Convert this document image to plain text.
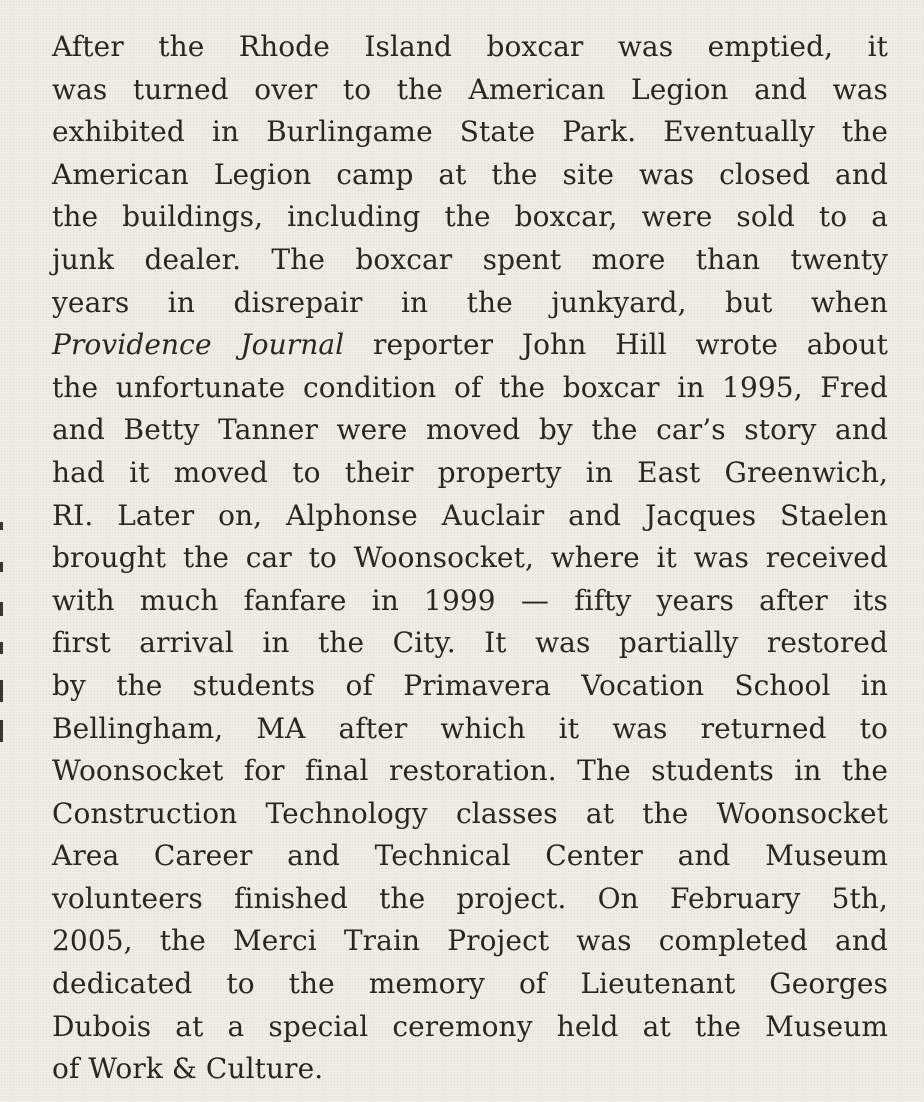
After the Rhode Island boxcar was emptied, it
was turned over to the American Legion and was
exhibited in Burlingame State Park. Eventually the
American Legion camp at the site was closed and
the buildings, including the boxcar, were sold to a
junk dealer. The boxcar spent more than twenty
years in disrepair in the junkyard, but when
Providence Journal reporter John Hill wrote about
the unfortunate condition of the boxcar in 1995, Fred
and Betty Tanner were moved by the car’s story and
had it moved to their property in East Greenwich,
RI. Later on, Alphonse Auclair and Jacques Staelen
brought the car to Woonsocket, where it was received
with much fanfare in 1999 — fifty years after its
first arrival in the City. It was partially restored
by the students of Primavera Vocation School in
Bellingham, MA after which it was returned to
Woonsocket for final restoration. The students in the
Construction Technology classes at the Woonsocket
Area Career and Technical Center and Museum
volunteers finished the project. On February 5th,
2005, the Merci Train Project was completed and
dedicated to the memory of Lieutenant Georges
Dubois at a special ceremony held at the Museum
of Work & Culture.
